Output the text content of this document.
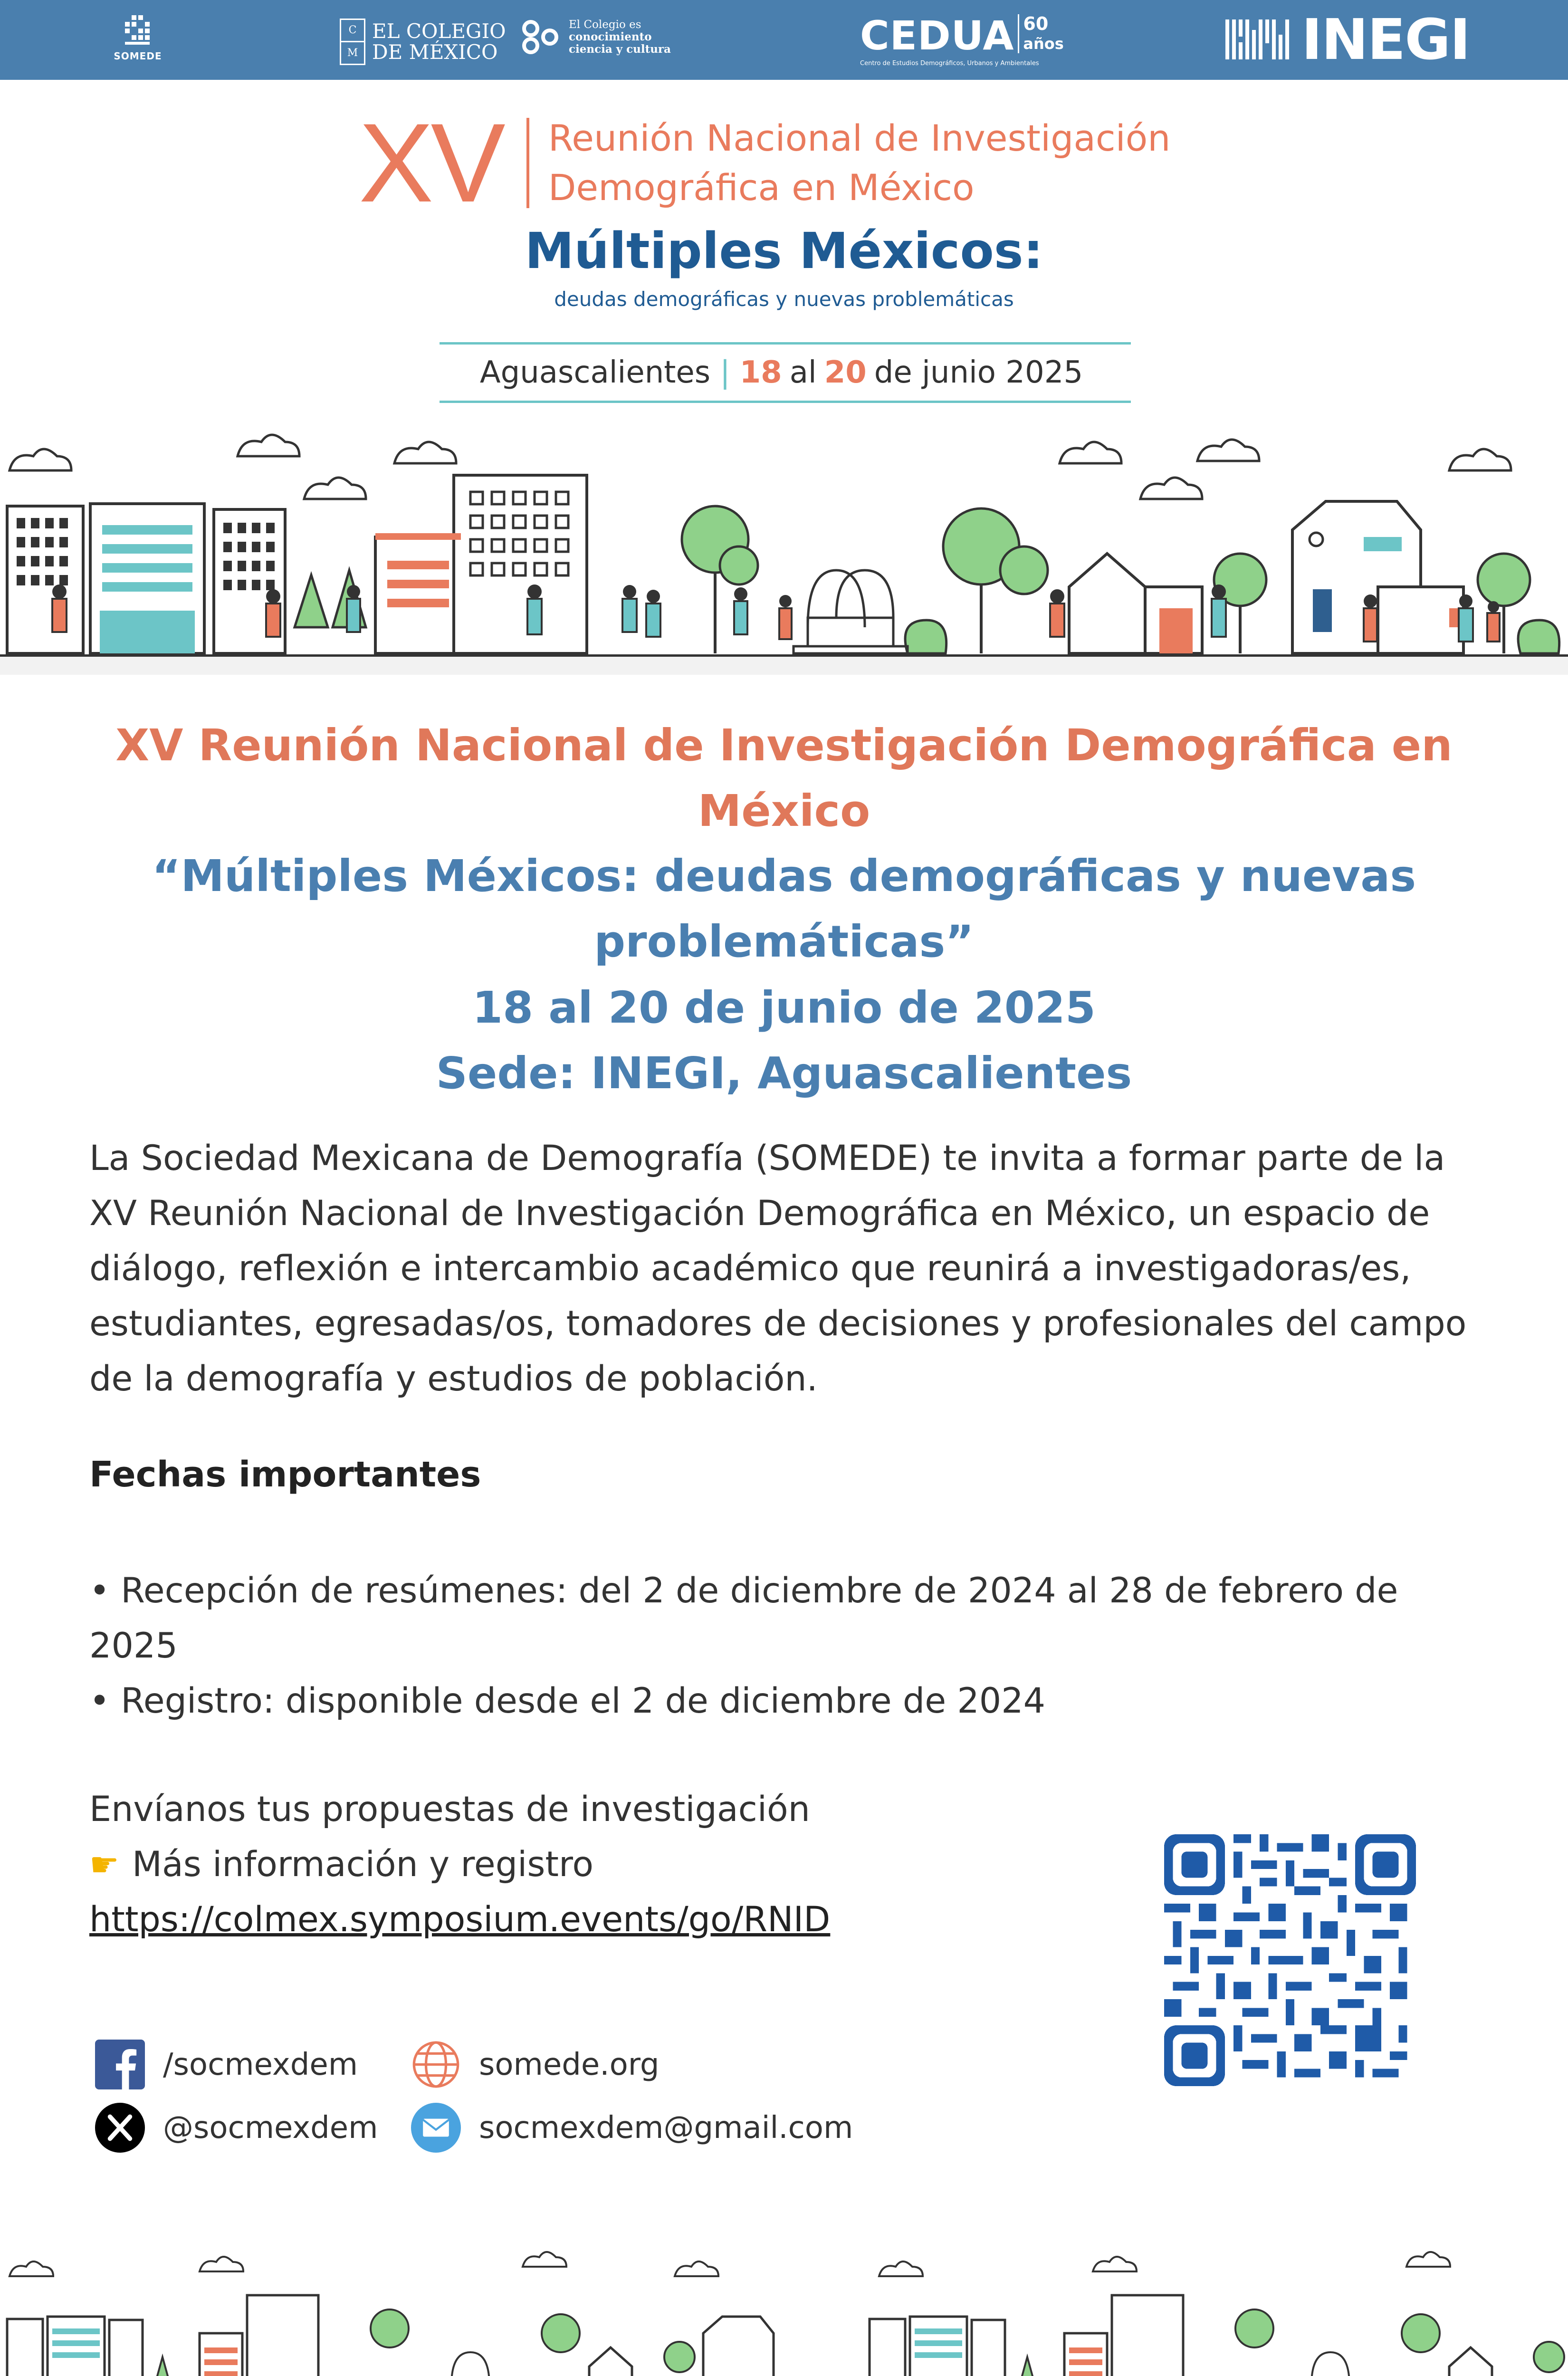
SOMEDE
C
M
EL COLEGIO
DE MÉXICO
El Colegio es
conocimiento
ciencia y cultura	CEDUA 60
años
Centro de Estudios Demográficos, Urbanos y Ambientales	INEGI
XV Reunión Nacional de Investigación
Demográfica en México
Múltiples Méxicos:
deudas demográficas y nuevas problemáticas
Aguascalientes | 18 al 20 de junio 2025
XV Reunión Nacional de Investigación Demográfica en
México
“Múltiples Méxicos: deudas demográficas y nuevas
problemáticas”
18 al 20 de junio de 2025
Sede: INEGI, Aguascalientes
La Sociedad Mexicana de Demografía (SOMEDE) te invita a formar parte de la XV Reunión Nacional de Investigación Demográfica en México, un espacio de diálogo, reflexión e intercambio académico que reunirá a investigadoras/es, estudiantes, egresadas/os, tomadores de decisiones y profesionales del campo de la demografía y estudios de población.
Fechas importantes
• Recepción de resúmenes: del 2 de diciembre de 2024 al 28 de febrero de 2025
• Registro: disponible desde el 2 de diciembre de 2024
Envíanos tus propuestas de investigación
☛ Más información y registro
https://colmex.symposium.events/go/RNID
/socmexdem
@socmexdem
somede.org
socmexdem@gmail.com
